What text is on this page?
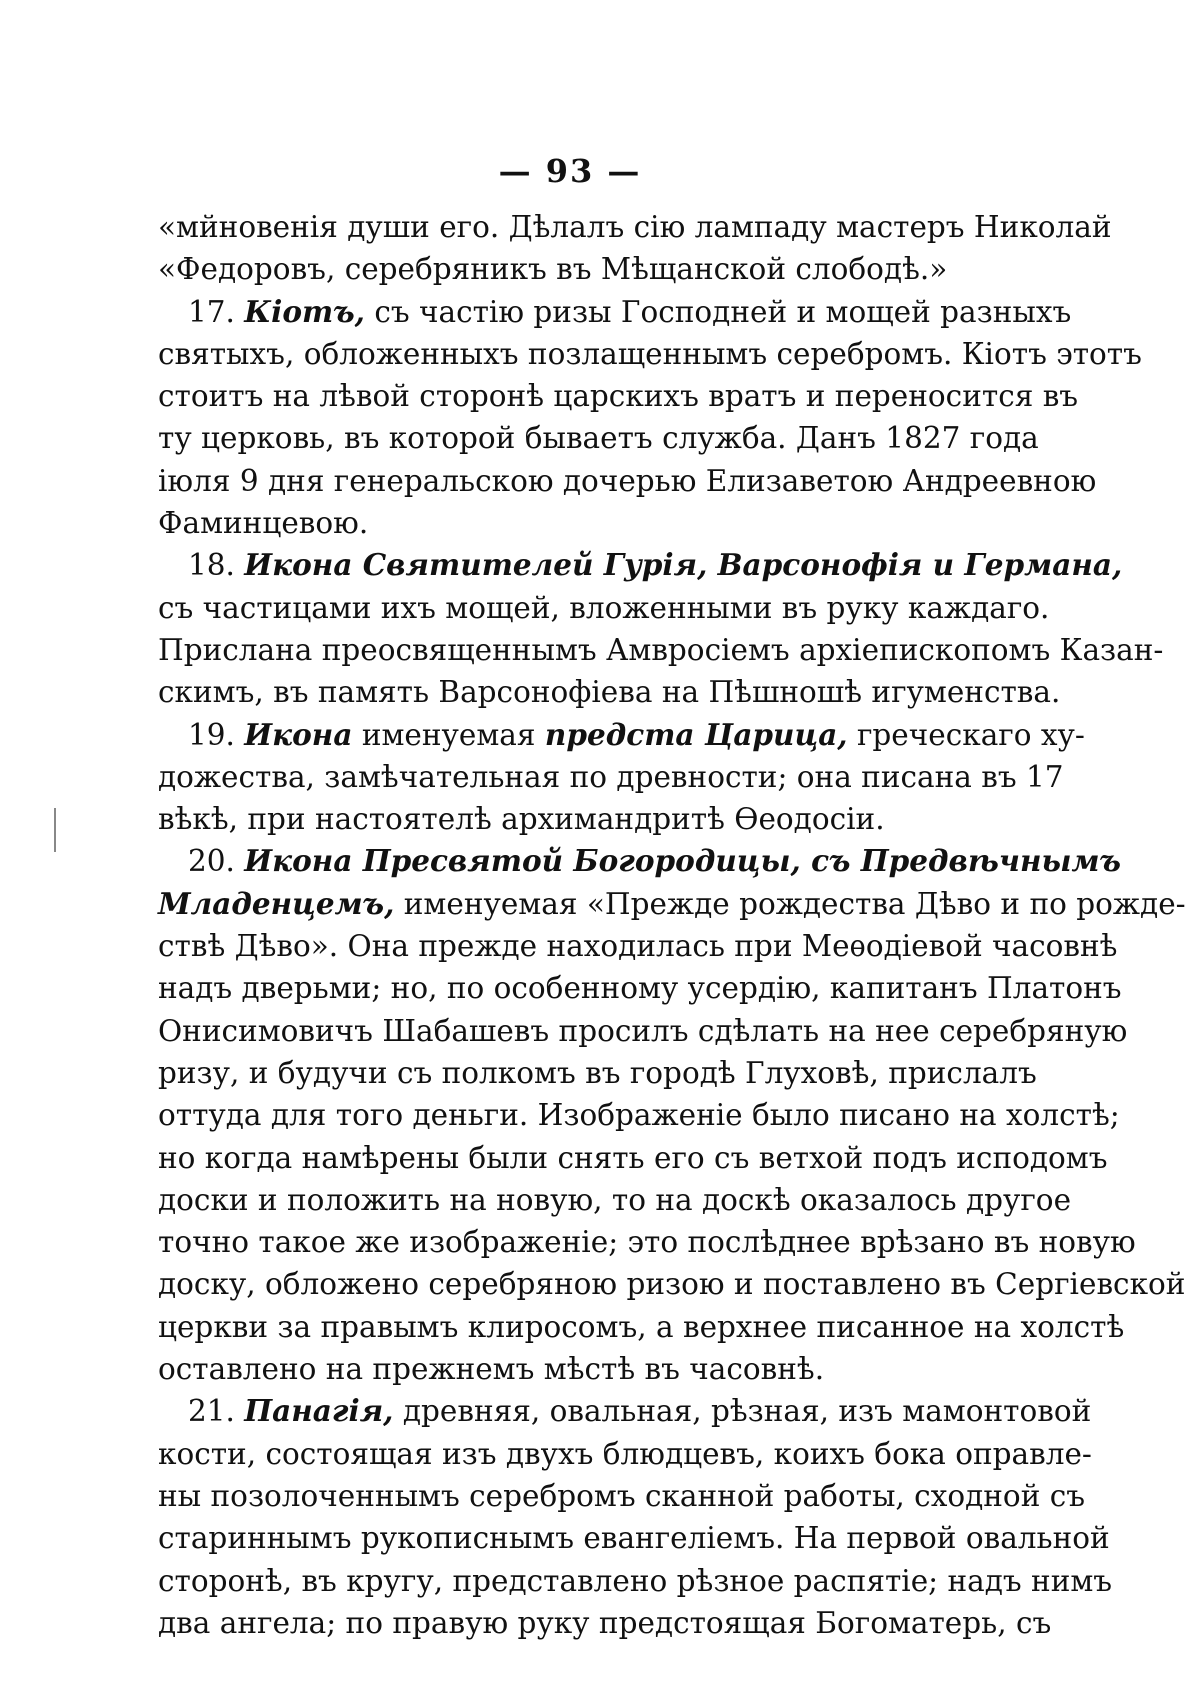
— 93 —
«мйновенія души его. Дѣлалъ сію лампаду мастеръ Николай
«Федоровъ, серебряникъ въ Мѣщанской слободѣ.»
17. Кіотъ, съ частію ризы Господней и мощей разныхъ
святыхъ, обложенныхъ позлащеннымъ серебромъ. Кіотъ этотъ
стоитъ на лѣвой сторонѣ царскихъ вратъ и переносится въ
ту церковь, въ которой бываетъ служба. Данъ 1827 года
іюля 9 дня генеральскою дочерью Елизаветою Андреевною
Фаминцевою.
18. Икона Святителей Гурія, Варсонофія и Германа,
съ частицами ихъ мощей, вложенными въ руку каждаго.
Прислана преосвященнымъ Амвросіемъ архіепископомъ Казан-
скимъ, въ память Варсонофіева на Пѣшношѣ игуменства.
19. Икона именуемая предста Царица, греческаго ху-
дожества, замѣчательная по древности; она писана въ 17
вѣкѣ, при настоятелѣ архимандритѣ Ѳеодосіи.
20. Икона Пресвятой Богородицы, съ Предвѣчнымъ
Младенцемъ, именуемая «Прежде рождества Дѣво и по рожде-
ствѣ Дѣво». Она прежде находилась при Меѳодіевой часовнѣ
надъ дверьми; но, по особенному усердію, капитанъ Платонъ
Онисимовичъ Шабашевъ просилъ сдѣлать на нее серебряную
ризу, и будучи съ полкомъ въ городѣ Глуховѣ, прислалъ
оттуда для того деньги. Изображеніе было писано на холстѣ;
но когда намѣрены были снять его съ ветхой подъ исподомъ
доски и положить на новую, то на доскѣ оказалось другое
точно такое же изображеніе; это послѣднее врѣзано въ новую
доску, обложено серебряною ризою и поставлено въ Сергіевской
церкви за правымъ клиросомъ, а верхнее писанное на холстѣ
оставлено на прежнемъ мѣстѣ въ часовнѣ.
21. Панагія, древняя, овальная, рѣзная, изъ мамонтовой
кости, состоящая изъ двухъ блюдцевъ, коихъ бока оправле-
ны позолоченнымъ серебромъ сканной работы, сходной съ
стариннымъ рукописнымъ евангеліемъ. На первой овальной
сторонѣ, въ кругу, представлено рѣзное распятіе; надъ нимъ
два ангела; по правую руку предстоящая Богоматерь, съ
